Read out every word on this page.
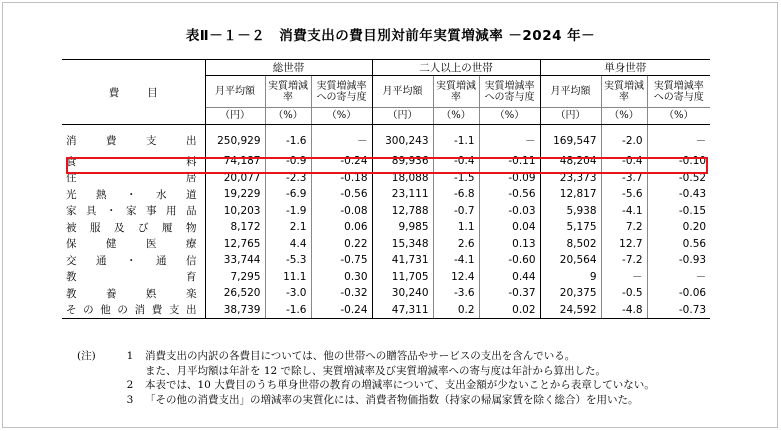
表Ⅱ－１－２　消費支出の費目別対前年実質増減率 －2024 年－
費目	総世帯			二人以上の世帯			単身世帯		
	月平均額	実質増減率	実質増減率への寄与度	月平均額	実質増減率	実質増減率への寄与度	月平均額	実質増減率	実質増減率への寄与度
	（円）	（%）	（%）	（円）	（%）	（%）	（円）	（%）	（%）

消費支出	250,929	-1.6	－	300,243	-1.1	－	169,547	-2.0	－

食料	74,187	-0.9	-0.24	89,936	-0.4	-0.11	48,204	-0.4	-0.10
住居	20,077	-2.3	-0.18	18,088	-1.5	-0.09	23,373	-3.7	-0.52
光熱・水道	19,229	-6.9	-0.56	23,111	-6.8	-0.56	12,817	-5.6	-0.43
家具・家事用品	10,203	-1.9	-0.08	12,788	-0.7	-0.03	5,938	-4.1	-0.15
被服及び履物	8,172	2.1	0.06	9,985	1.1	0.04	5,175	7.2	0.20
保健医療	12,765	4.4	0.22	15,348	2.6	0.13	8,502	12.7	0.56
交通・通信	33,744	-5.3	-0.75	41,731	-4.1	-0.60	20,564	-7.2	-0.93
教育	7,295	11.1	0.30	11,705	12.4	0.44	9	－	－
教養娯楽	26,520	-3.0	-0.32	30,240	-3.6	-0.37	20,375	-0.5	-0.06
その他の消費支出	38,739	-1.6	-0.24	47,311	0.2	0.02	24,592	-4.8	-0.73
(注)	1	消費支出の内訳の各費目については、他の世帯への贈答品やサービスの支出を含んでいる。
また、月平均額は年計を 12 で除し、実質増減率及び実質増減率への寄与度は年計から算出した。
2	本表では、10 大費目のうち単身世帯の教育の増減率について、支出金額が少ないことから表章していない。
3	「その他の消費支出」の増減率の実質化には、消費者物価指数（持家の帰属家賃を除く総合）を用いた。
